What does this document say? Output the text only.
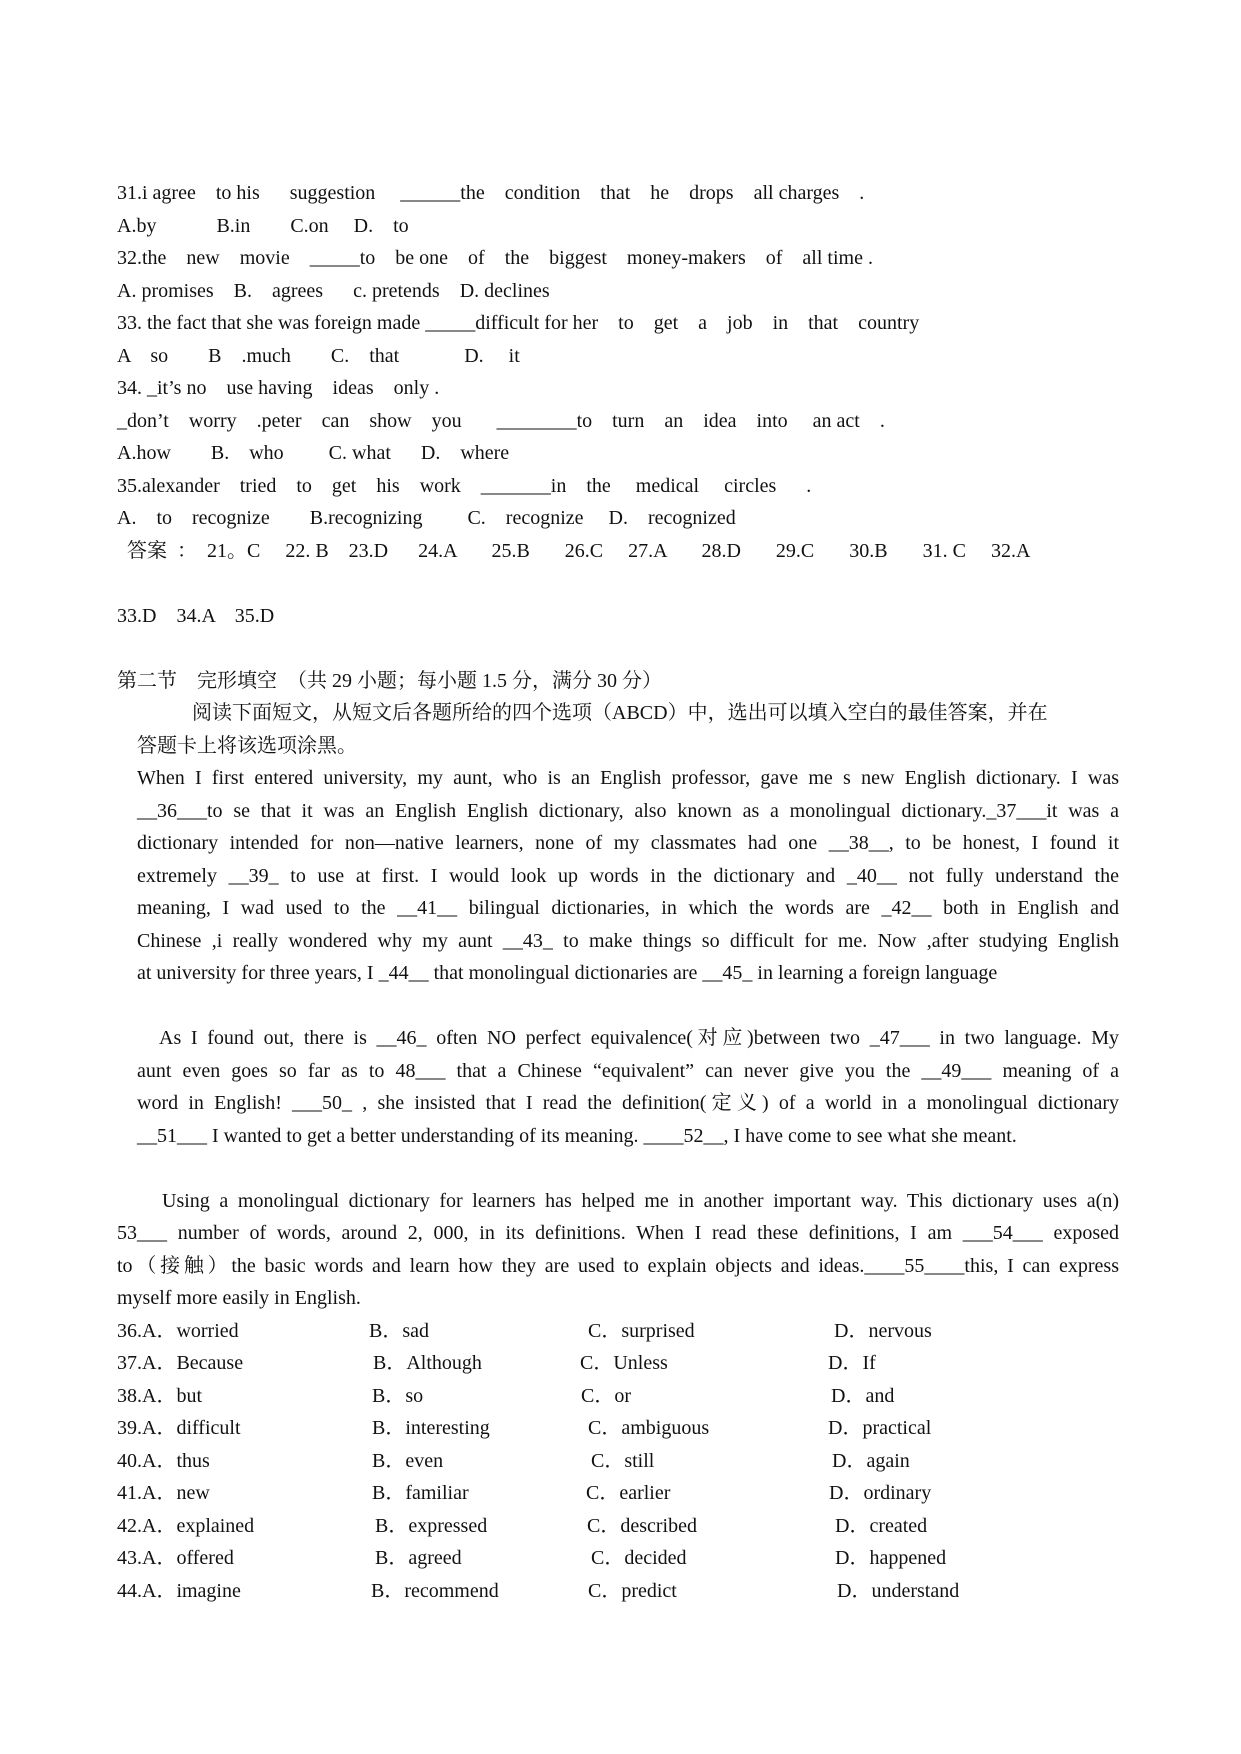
31.i agree    to his      suggestion     ______the    condition    that    he    drops    all charges    .
A.by            B.in        C.on     D.    to
32.the    new    movie    _____to    be one    of    the    biggest    money-makers    of    all time .
A. promises    B.    agrees      c. pretends    D. declines
33. the fact that she was foreign made _____difficult for her    to    get    a    job    in    that    country
A    so        B    .much        C.    that             D.     it
34. _it’s no    use having    ideas    only .
_don’t    worry    .peter    can    show    you       ________to    turn    an    idea    into     an act    .
A.how        B.    who         C. what      D.    where
35.alexander    tried    to    get    his    work    _______in    the     medical     circles      .
A.    to    recognize        B.recognizing         C.    recognize     D.    recognized
答案  ：  21。C     22. B    23.D      24.A       25.B       26.C     27.A       28.D       29.C       30.B       31. C     32.A
33.D    34.A    35.D
第二节    完形填空  （共 29 小题；每小题 1.5 分，满分 30 分）
阅读下面短文，从短文后各题所给的四个选项（ABCD）中，选出可以填入空白的最佳答案，并在
答题卡上将该选项涂黑。
When I first entered university, my aunt, who is an English professor, gave me s new English dictionary. I was
__36___to se that it was an English English dictionary, also known as a monolingual dictionary._37___it was a
dictionary intended for non—native learners, none of my classmates had one __38__, to be honest, I found it
extremely __39_ to use at first. I would look up words in the dictionary and _40__ not fully understand the
meaning, I wad used to the __41__ bilingual dictionaries, in which the words are _42__ both in English and
Chinese ,i really wondered why my aunt __43_ to make things so difficult for me. Now ,after studying English
at university for three years, I _44__ that monolingual dictionaries are __45_ in learning a foreign language
As I found out, there is __46_ often NO perfect equivalence(对应)between two _47___ in two language. My
aunt even goes so far as to 48___ that a Chinese “equivalent” can never give you the __49___ meaning of a
word in English! ___50_ , she insisted that I read the definition(定义) of a world in a monolingual dictionary
__51___ I wanted to get a better understanding of its meaning. ____52__, I have come to see what she meant.
Using a monolingual dictionary for learners has helped me in another important way. This dictionary uses a(n)
53___ number of words, around 2, 000, in its definitions. When I read these definitions, I am ___54___ exposed
to（接触）the basic words and learn how they are used to explain objects and ideas.____55____this, I can express
myself more easily in English.
36.A．worried	B．sad	C．surprised	D．nervous
37.A．Because	B．Although	C．Unless	D．If
38.A．but	B．so	C．or	D．and
39.A．difficult	B．interesting	C．ambiguous	D．practical
40.A．thus	B．even	C．still	D．again
41.A．new	B．familiar	C．earlier	D．ordinary
42.A．explained	B．expressed	C．described	D．created
43.A．offered	B．agreed	C．decided	D．happened
44.A．imagine	B．recommend	C．predict	D．understand
